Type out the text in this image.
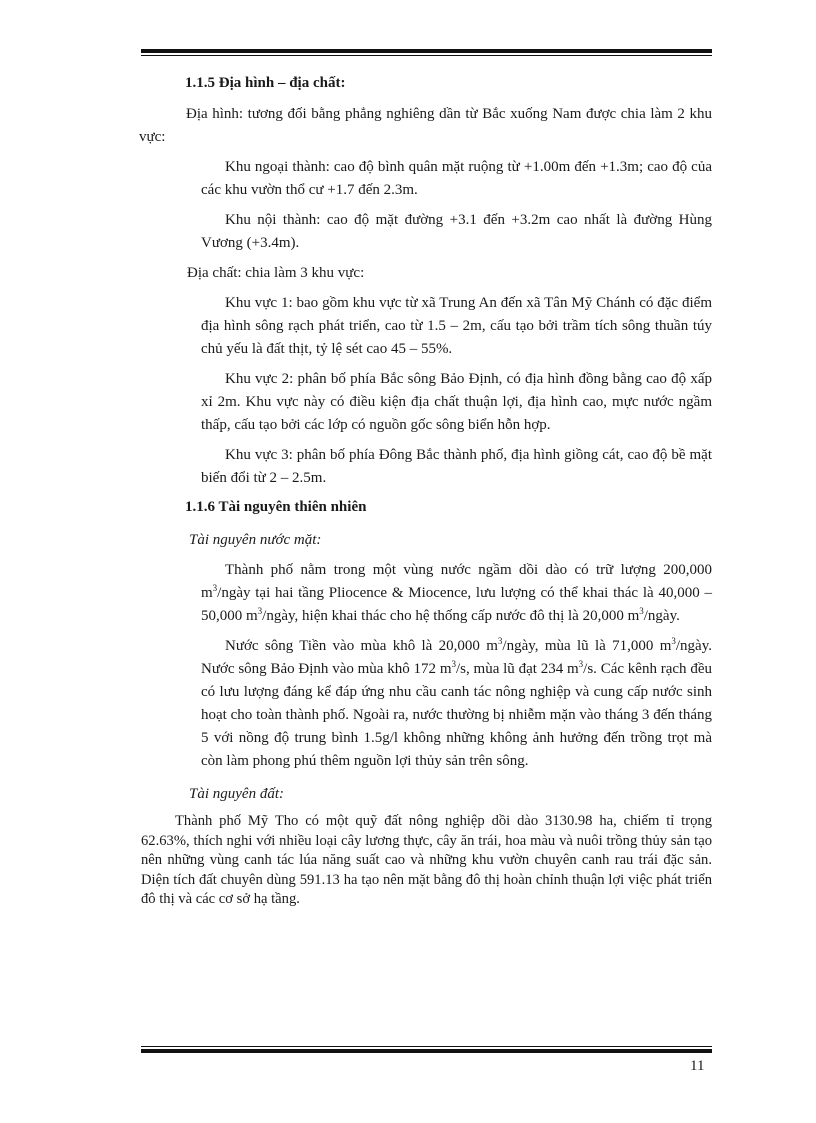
1.1.5 Địa hình – địa chất:

Địa hình: tương đối bằng phẳng nghiêng dần từ Bắc xuống Nam được chia làm 2 khu vực:

Khu ngoại thành: cao độ bình quân mặt ruộng từ +1.00m đến +1.3m; cao độ của các khu vườn thổ cư +1.7 đến 2.3m.

Khu nội thành: cao độ mặt đường +3.1 đến +3.2m cao nhất là đường Hùng Vương (+3.4m).

Địa chất: chia làm 3 khu vực:

Khu vực 1: bao gồm khu vực từ xã Trung An đến xã Tân Mỹ Chánh có đặc điểm địa hình sông rạch phát triển, cao từ 1.5 – 2m, cấu tạo bởi trầm tích sông thuần túy chủ yếu là đất thịt, tỷ lệ sét cao 45 – 55%.

Khu vực 2: phân bố phía Bắc sông Bảo Định, có địa hình đồng bằng cao độ xấp xỉ 2m. Khu vực này có điều kiện địa chất thuận lợi, địa hình cao, mực nước ngầm thấp, cấu tạo bởi các lớp có nguồn gốc sông biển hỗn hợp.

Khu vực 3: phân bố phía Đông Bắc thành phố, địa hình giồng cát, cao độ bề mặt biến đổi từ 2 – 2.5m.

1.1.6 Tài nguyên thiên nhiên

Tài nguyên nước mặt:

Thành phố nằm trong một vùng nước ngầm dồi dào có trữ lượng 200,000 $m^3$/ngày tại hai tầng Pliocence & Miocence, lưu lượng có thể khai thác là 40,000 – 50,000 $m^3$/ngày, hiện khai thác cho hệ thống cấp nước đô thị là 20,000 $m^3$/ngày.

Nước sông Tiền vào mùa khô là 20,000 $m^3$/ngày, mùa lũ là 71,000 $m^3$/ngày. Nước sông Bảo Định vào mùa khô 172 $m^3/s$, mùa lũ đạt 234 $m^3/s$. Các kênh rạch đều có lưu lượng đáng kể đáp ứng nhu cầu canh tác nông nghiệp và cung cấp nước sinh hoạt cho toàn thành phố. Ngoài ra, nước thường bị nhiễm mặn vào tháng 3 đến tháng 5 với nồng độ trung bình 1.5g/l không những không ảnh hưởng đến trồng trọt mà còn làm phong phú thêm nguồn lợi thủy sản trên sông.

Tài nguyên đất:

Thành phố Mỹ Tho có một quỹ đất nông nghiệp dồi dào 3130.98 ha, chiếm tỉ trọng 62.63%, thích nghi với nhiều loại cây lương thực, cây ăn trái, hoa màu và nuôi trồng thủy sản tạo nên những vùng canh tác lúa năng suất cao và những khu vườn chuyên canh rau trái đặc sản. Diện tích đất chuyên dùng 591.13 ha tạo nên mặt bằng đô thị hoàn chỉnh thuận lợi việc phát triển đô thị và các cơ sở hạ tầng.

11
